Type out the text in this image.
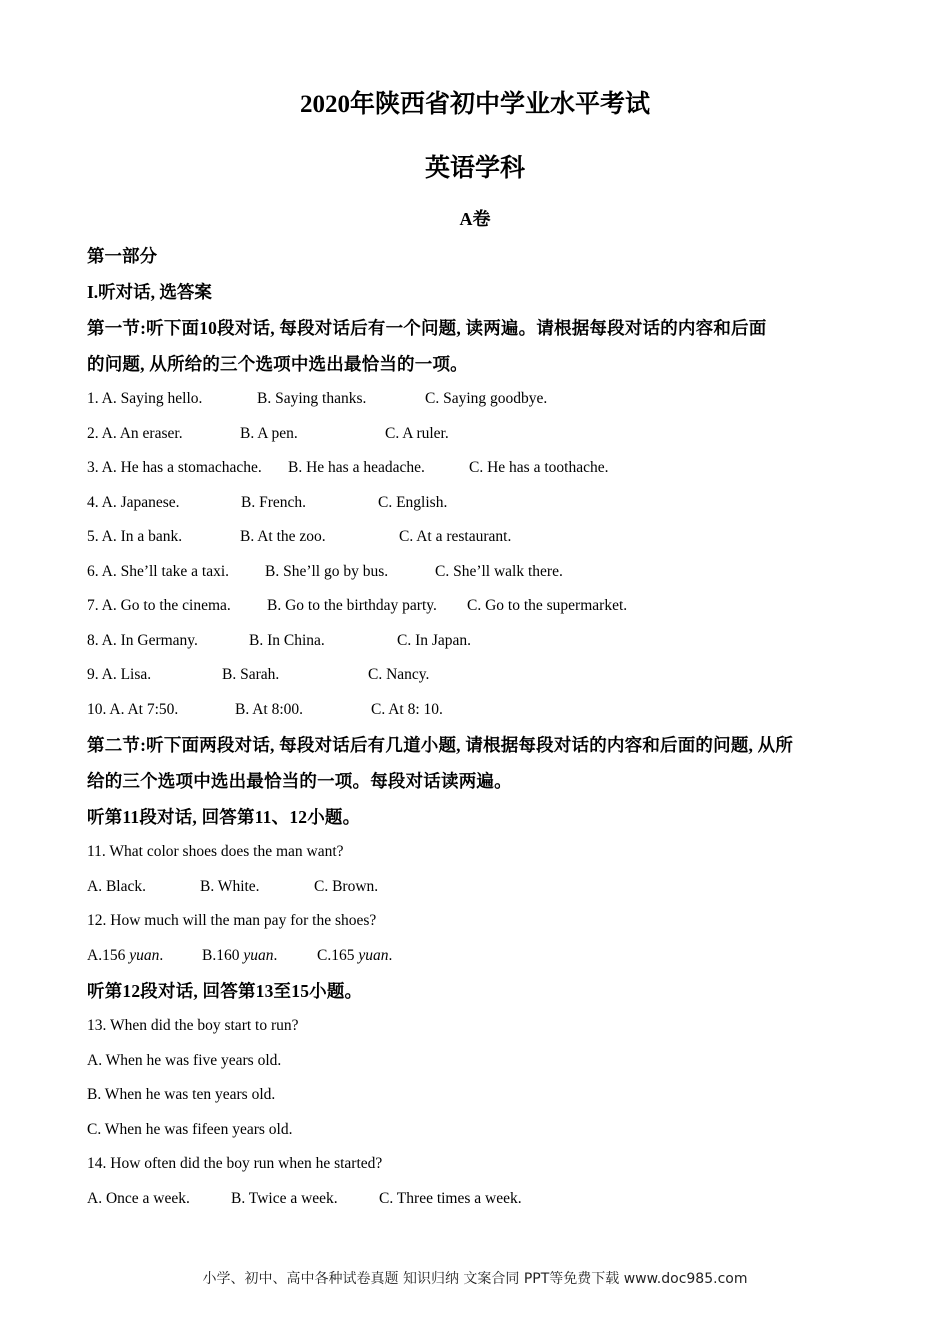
2020年陕西省初中学业水平考试
英语学科
A卷

第一部分

I.听对话, 选答案

第一节:听下面10段对话, 每段对话后有一个问题, 读两遍。请根据每段对话的内容和后面

的问题, 从所给的三个选项中选出最恰当的一项。

1. A. Saying hello.	B. Saying thanks.	C. Saying goodbye.

2. A. An eraser.	B. A pen.	C. A ruler.

3. A. He has a stomachache. B. He has a headache.	C. He has a toothache.

4. A. Japanese.	B. French.	C. English.

5. A. In a bank.	B. At the zoo.	C. At a restaurant.

6. A. She’ll take a taxi. B. She’ll go by bus.	C. She’ll walk there.

7. A. Go to the cinema. B. Go to the birthday party. C. Go to the supermarket.

8. A. In Germany.	B. In China.	C. In Japan.

9. A. Lisa.	B. Sarah.	C. Nancy.

10. A. At 7:50.	B. At 8:00.	C. At 8: 10.

第二节:听下面两段对话, 每段对话后有几道小题, 请根据每段对话的内容和后面的问题, 从所

给的三个选项中选出最恰当的一项。每段对话读两遍。

听第11段对话, 回答第11、12小题。

11. What color shoes does the man want?

A. Black.	B. White.	C. Brown.

12. How much will the man pay for the shoes?

A.156 yuan.	B.160 yuan.	C.165 yuan.

听第12段对话, 回答第13至15小题。

13. When did the boy start to run?

A. When he was five years old.

B. When he was ten years old.

C. When he was fifeen years old.

14. How often did the boy run when he started?

A. Once a week.	B. Twice a week.	C. Three times a week.

小学、初中、高中各种试卷真题 知识归纳 文案合同 PPT等免费下载 www.doc985.com
